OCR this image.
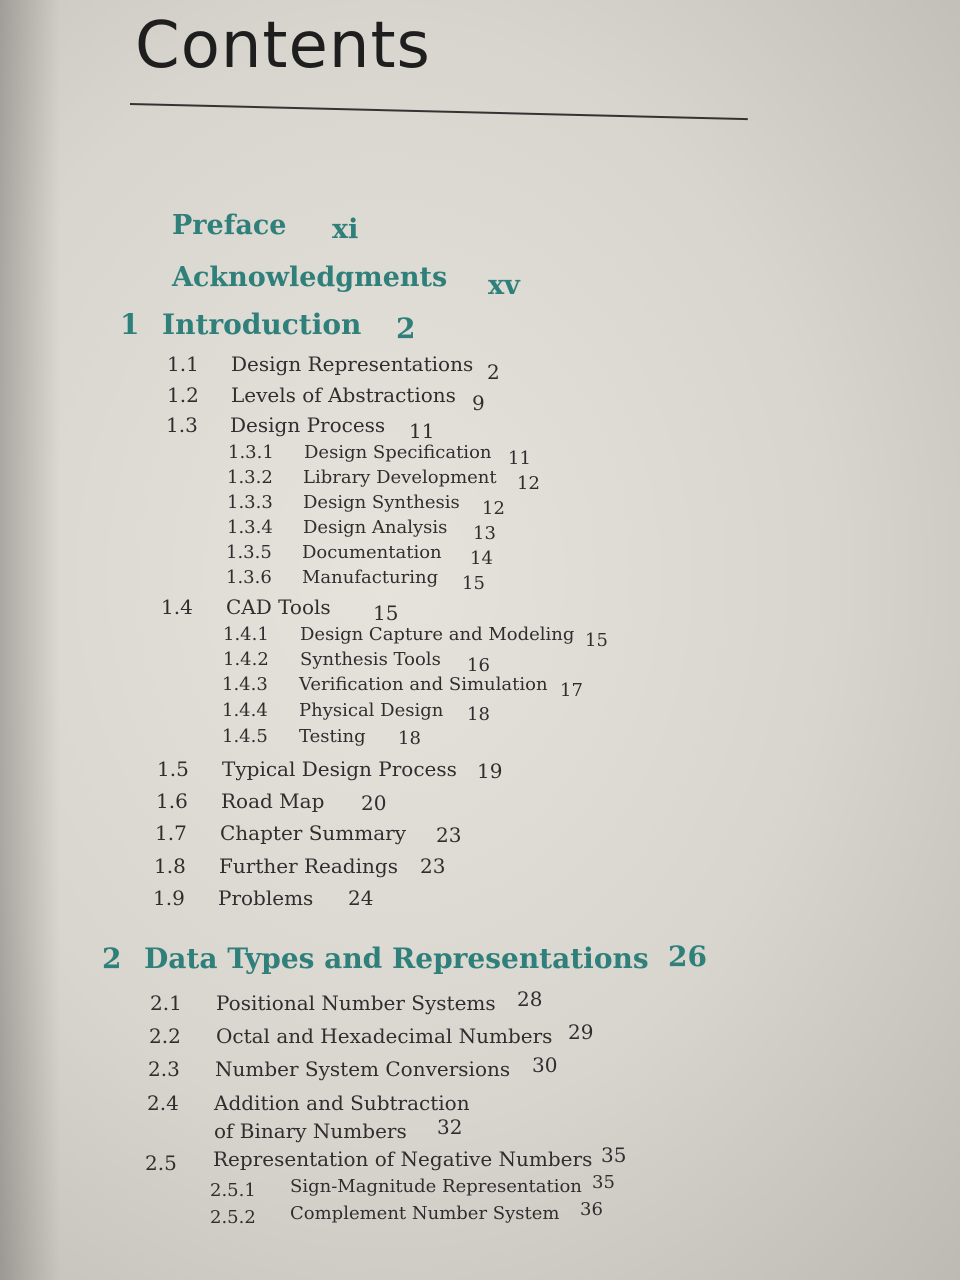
Contents
Preface xi
Acknowledgments xv
1 Introduction 2
1.1 Design Representations 2
1.2 Levels of Abstractions 9
1.3 Design Process 11
1.3.1 Design Specification 11
1.3.2 Library Development 12
1.3.3 Design Synthesis 12
1.3.4 Design Analysis 13
1.3.5 Documentation 14
1.3.6 Manufacturing 15
1.4 CAD Tools 15
1.4.1 Design Capture and Modeling 15
1.4.2 Synthesis Tools 16
1.4.3 Verification and Simulation 17
1.4.4 Physical Design 18
1.4.5 Testing 18
1.5 Typical Design Process 19
1.6 Road Map 20
1.7 Chapter Summary 23
1.8 Further Readings 23
1.9 Problems 24
2 Data Types and Representations 26
2.1 Positional Number Systems 28
2.2 Octal and Hexadecimal Numbers 29
2.3 Number System Conversions 30
2.4 Addition and Subtraction
of Binary Numbers 32
2.5 Representation of Negative Numbers 35
2.5.1 Sign-Magnitude Representation 35
2.5.2 Complement Number System 36
